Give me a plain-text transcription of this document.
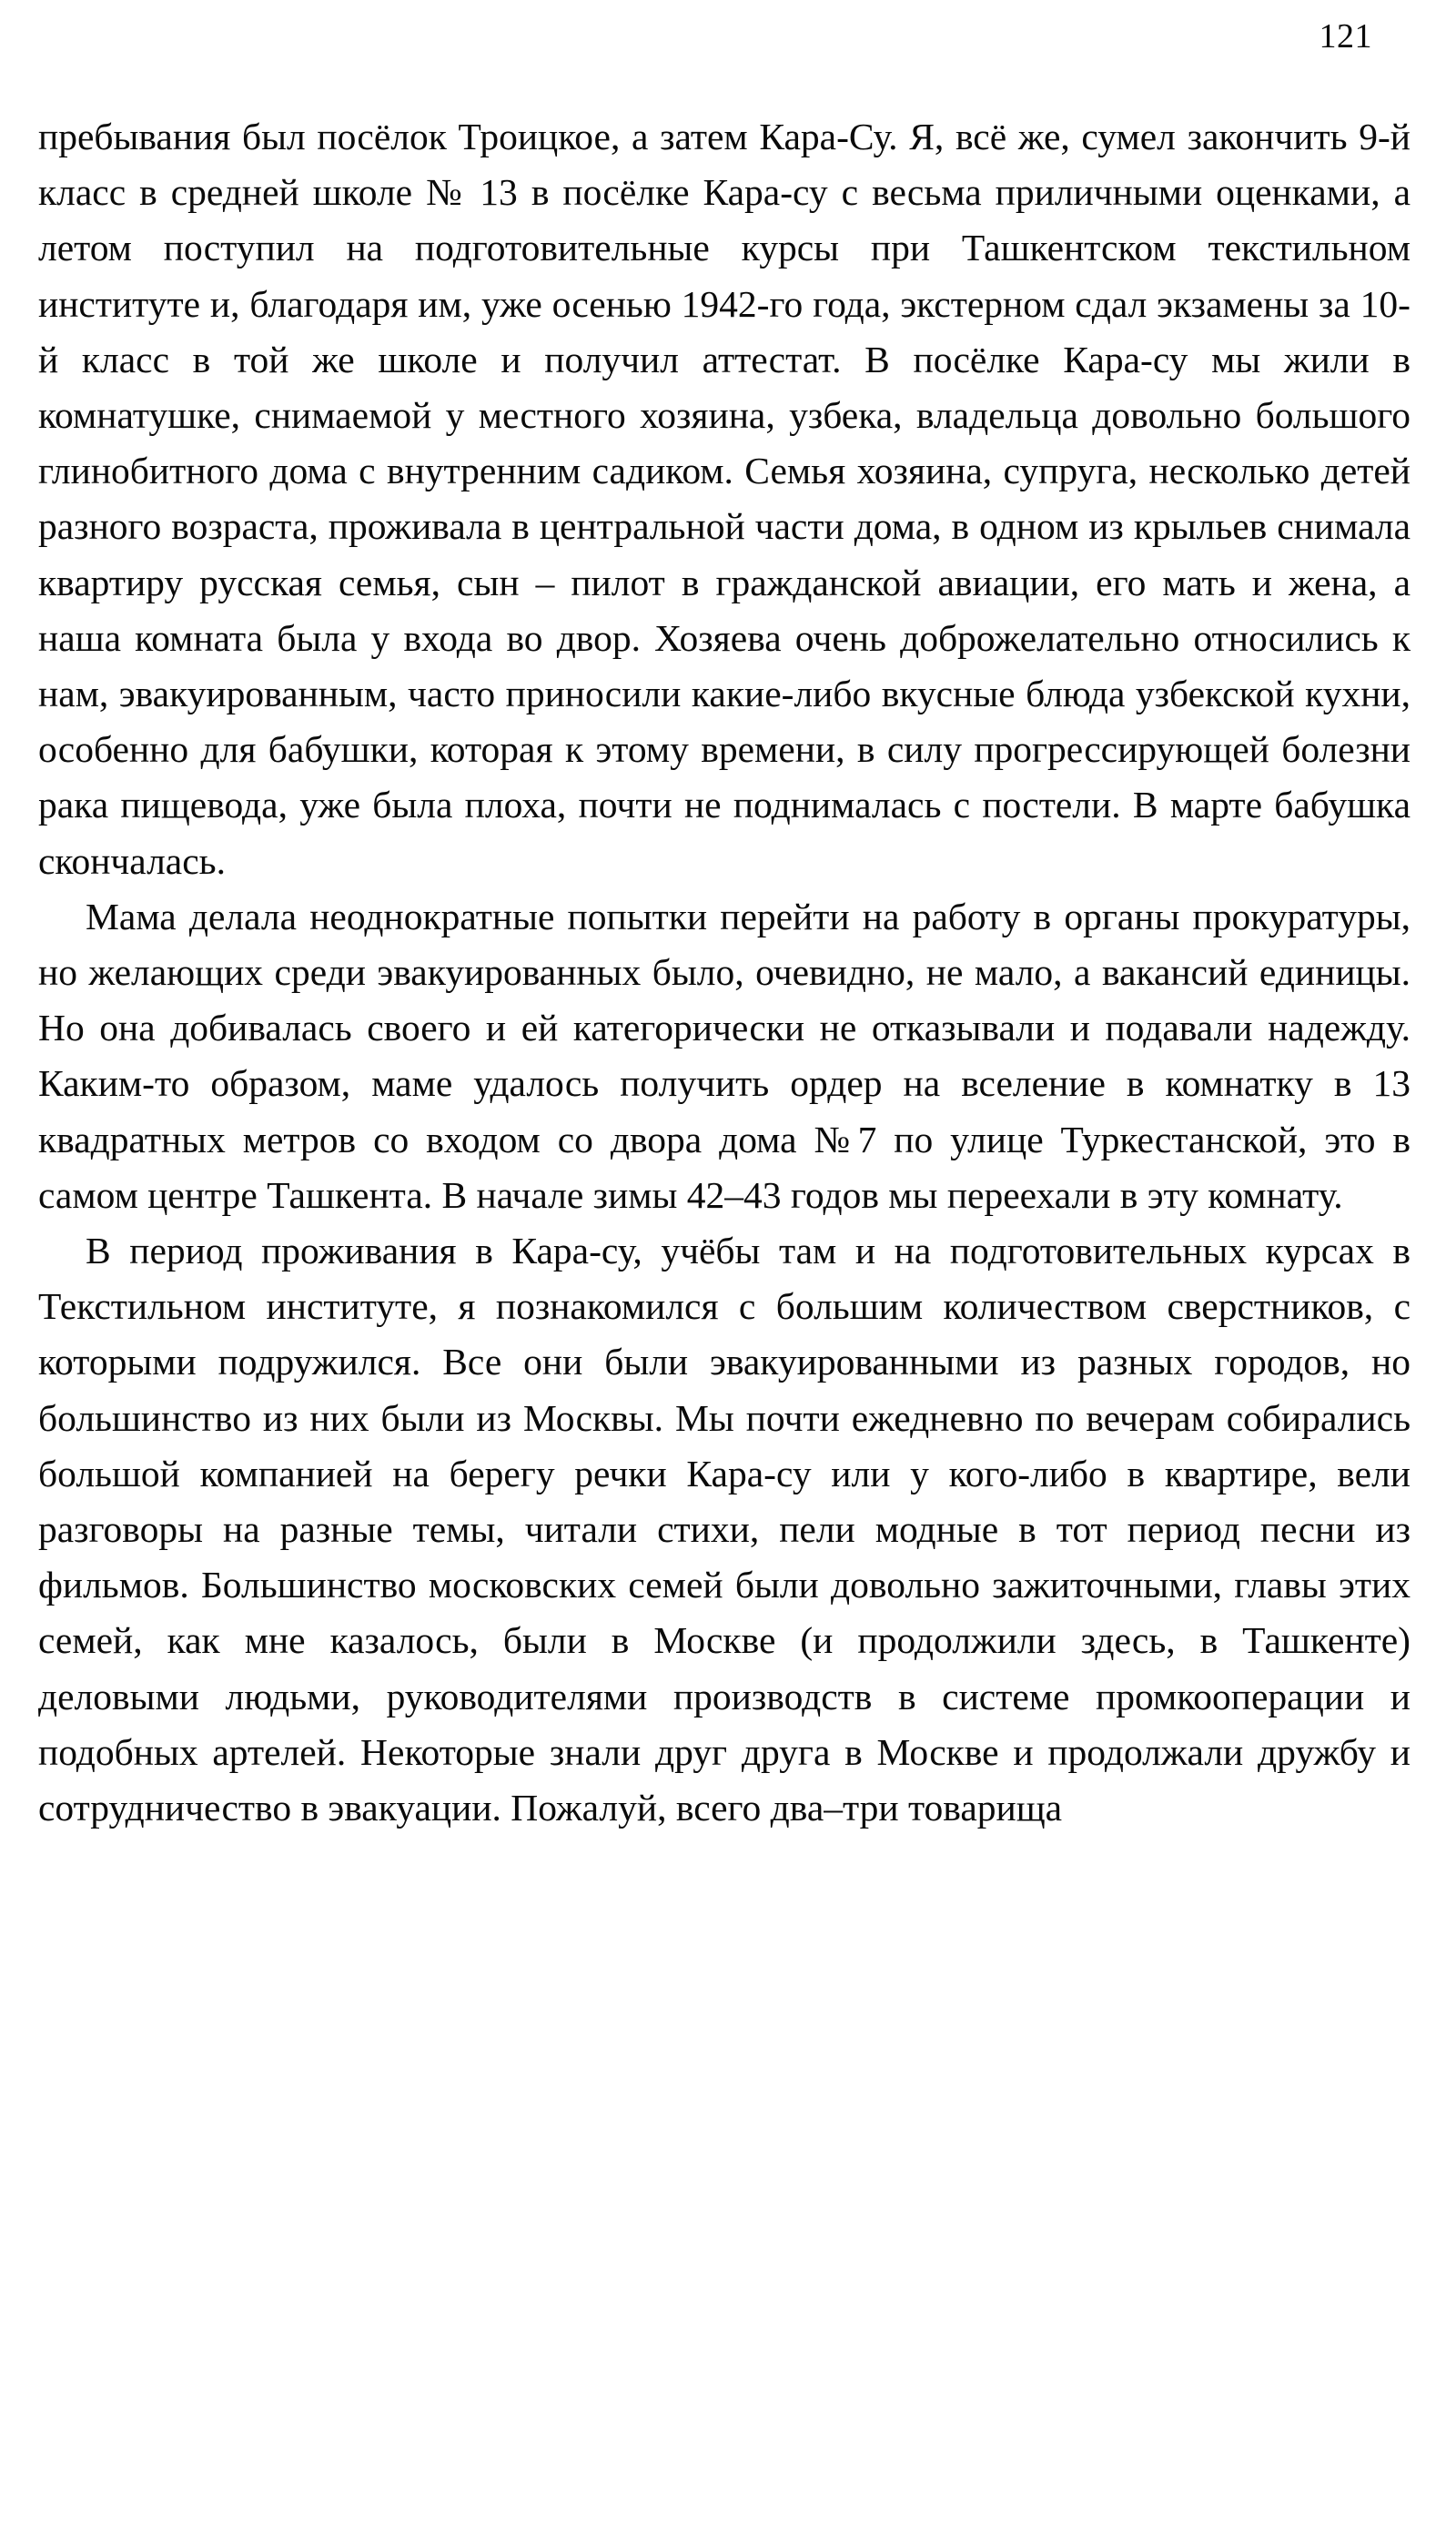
121

пребывания был посёлок Троицкое, а затем Кара-Су. Я, всё же, сумел закончить 9-й класс в средней школе № 13 в посёлке Кара-су с весьма приличными оценками, а летом поступил на подготовительные курсы при Ташкентском текстильном институте и, благодаря им, уже осенью 1942-го года, экстерном сдал экзамены за 10-й класс в той же школе и получил аттестат. В посёлке Кара-су мы жили в комнатушке, снимаемой у местного хозяина, узбека, владельца довольно большого глинобитного дома с внутренним садиком. Семья хозяина, супруга, несколько детей разного возраста, проживала в центральной части дома, в одном из крыльев снимала квартиру русская семья, сын – пилот в гражданской авиации, его мать и жена, а наша комната была у входа во двор. Хозяева очень доброжелательно относились к нам, эвакуированным, часто приносили какие-либо вкусные блюда узбекской кухни, особенно для бабушки, которая к этому времени, в силу прогрессирующей болезни рака пищевода, уже была плоха, почти не поднималась с постели. В марте бабушка скончалась.

Мама делала неоднократные попытки перейти на работу в органы прокуратуры, но желающих среди эвакуированных было, очевидно, не мало, а вакансий единицы. Но она добивалась своего и ей категорически не отказывали и подавали надежду. Каким-то образом, маме удалось получить ордер на вселение в комнатку в 13 квадратных метров со входом со двора дома №7 по улице Туркестанской, это в самом центре Ташкента. В начале зимы 42–43 годов мы переехали в эту комнату.

В период проживания в Кара-су, учёбы там и на подготовительных курсах в Текстильном институте, я познакомился с большим количеством сверстников, с которыми подружился. Все они были эвакуированными из разных городов, но большинство из них были из Москвы. Мы почти ежедневно по вечерам собирались большой компанией на берегу речки Кара-су или у кого-либо в квартире, вели разговоры на разные темы, читали стихи, пели модные в тот период песни из фильмов. Большинство московских семей были довольно зажиточными, главы этих семей, как мне казалось, были в Москве (и продолжили здесь, в Ташкенте) деловыми людьми, руководителями производств в системе промкооперации и подобных артелей. Некоторые знали друг друга в Москве и продолжали дружбу и сотрудничество в эвакуации. Пожалуй, всего два–три товарища
